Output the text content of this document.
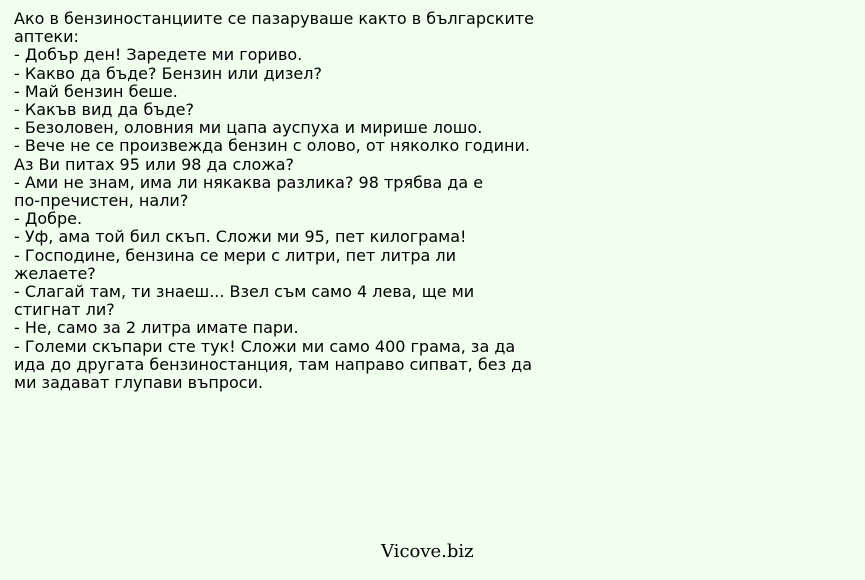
Ако в бензиностанциите се пазаруваше както в българските
аптеки:
- Добър ден! Заредете ми гориво.
- Какво да бъде? Бензин или дизел?
- Май бензин беше.
- Какъв вид да бъде?
- Безоловен, оловния ми цапа ауспуха и мирише лошо.
- Вече не се произвежда бензин с олово, от няколко години.
Аз Ви питах 95 или 98 да сложа?
- Ами не знам, има ли някаква разлика? 98 трябва да е
по-пречистен, нали?
- Добре.
- Уф, ама той бил скъп. Сложи ми 95, пет килограма!
- Господине, бензина се мери с литри, пет литра ли
желаете?
- Слагай там, ти знаеш... Взел съм само 4 лева, ще ми
стигнат ли?
- Не, само за 2 литра имате пари.
- Големи скъпари сте тук! Сложи ми само 400 грама, за да
ида до другата бензиностанция, там направо сипват, без да
ми задават глупави въпроси.
Vicove.biz
